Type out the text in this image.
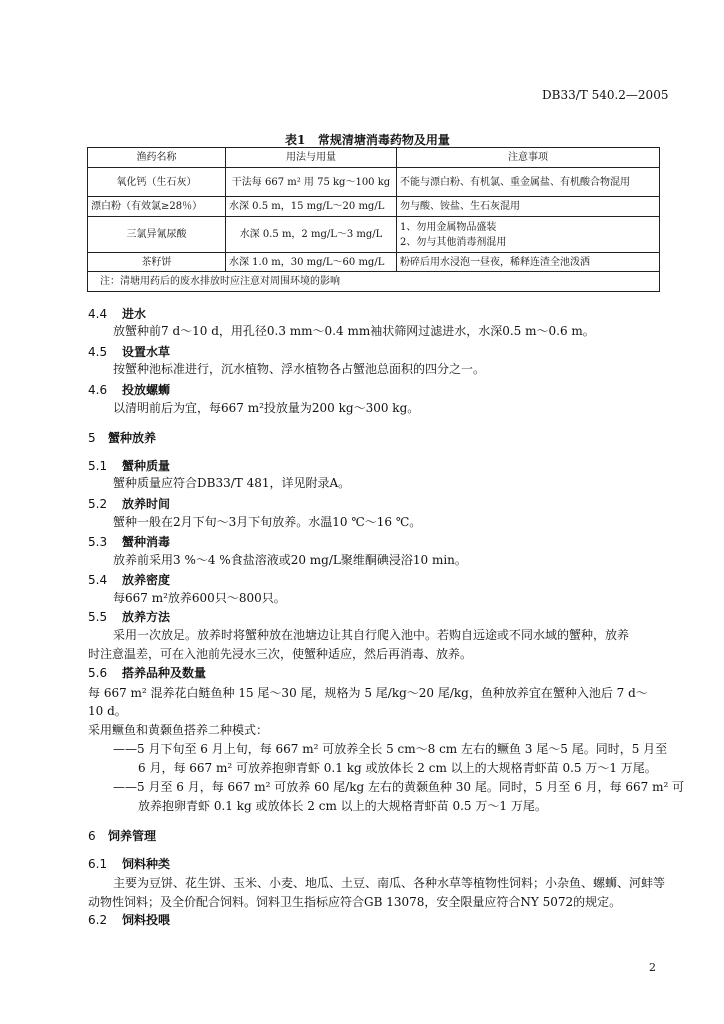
DB33/T 540.2—2005
表1 常规清塘消毒药物及用量
渔药名称	用法与用量	注意事项
氧化钙（生石灰）	干法每 667 m² 用 75 kg～100 kg	不能与漂白粉、有机氯、重金属盐、有机酸合物混用
漂白粉（有效氯≥28％）	水深 0.5 m，15 mg/L～20 mg/L	勿与酸、铵盐、生石灰混用
三氯异氰尿酸	水深 0.5 m，2 mg/L～3 mg/L	1、勿用金属物品盛装
2、勿与其他消毒剂混用

茶籽饼	水深 1.0 m，30 mg/L～60 mg/L	粉碎后用水浸泡一昼夜，稀释连渣全池泼洒
注：清塘用药后的废水排放时应注意对周围环境的影响		
4.4 进水
放蟹种前7 d～10 d，用孔径0.3 mm～0.4 mm袖状筛网过滤进水，水深0.5 m～0.6 m。
4.5 设置水草
按蟹种池标准进行，沉水植物、浮水植物各占蟹池总面积的四分之一。
4.6 投放螺蛳
以清明前后为宜，每667 m²投放量为200 kg～300 kg。
5 蟹种放养
5.1 蟹种质量
蟹种质量应符合DB33/T 481，详见附录A。
5.2 放养时间
蟹种一般在2月下旬～3月下旬放养。水温10 ℃～16 ℃。
5.3 蟹种消毒
放养前采用3 %～4 %食盐溶液或20 mg/L聚维酮碘浸浴10 min。
5.4 放养密度
每667 m²放养600只～800只。
5.5 放养方法
采用一次放足。放养时将蟹种放在池塘边让其自行爬入池中。若购自远途或不同水域的蟹种，放养
时注意温差，可在入池前先浸水三次，使蟹种适应，然后再消毒、放养。
5.6 搭养品种及数量
每 667 m² 混养花白鲢鱼种 15 尾～30 尾，规格为 5 尾/kg～20 尾/kg，鱼种放养宜在蟹种入池后 7 d～
10 d。
采用鳜鱼和黄颡鱼搭养二种模式：
——5 月下旬至 6 月上旬，每 667 m² 可放养全长 5 cm～8 cm 左右的鳜鱼 3 尾～5 尾。同时，5 月至
6 月，每 667 m² 可放养抱卵青虾 0.1 kg 或放体长 2 cm 以上的大规格青虾苗 0.5 万～1 万尾。
——5 月至 6 月，每 667 m² 可放养 60 尾/kg 左右的黄颡鱼种 30 尾。同时，5 月至 6 月，每 667 m² 可
放养抱卵青虾 0.1 kg 或放体长 2 cm 以上的大规格青虾苗 0.5 万～1 万尾。
6 饲养管理
6.1 饲料种类
主要为豆饼、花生饼、玉米、小麦、地瓜、土豆、南瓜、各种水草等植物性饲料；小杂鱼、螺蛳、河蚌等
动物性饲料；及全价配合饲料。饲料卫生指标应符合GB 13078，安全限量应符合NY 5072的规定。
6.2 饲料投喂
2
